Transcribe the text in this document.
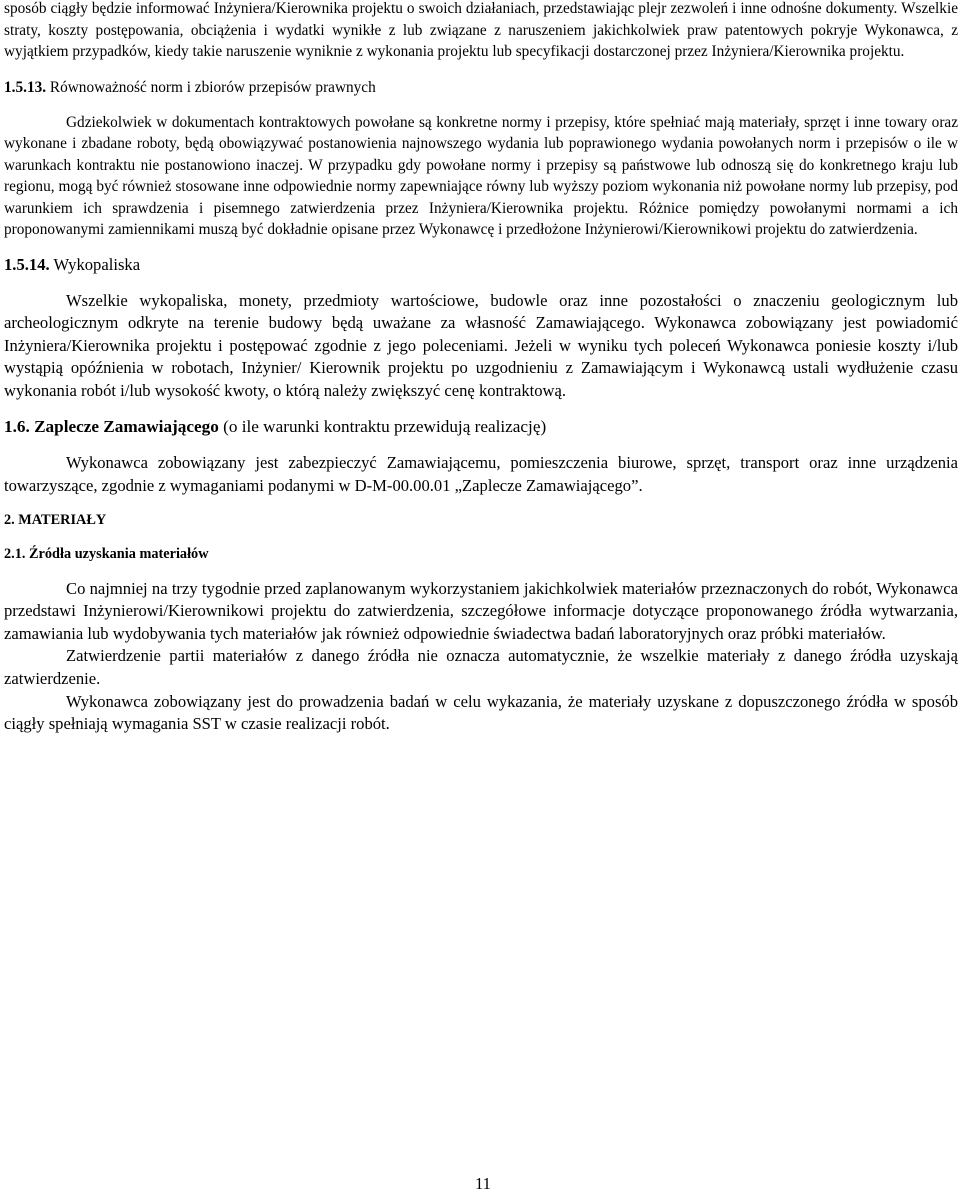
sposób ciągły będzie informować Inżyniera/Kierownika projektu o swoich działaniach, przedstawiając plejr zezwoleń i inne odnośne dokumenty. Wszelkie straty, koszty postępowania, obciążenia i wydatki wynikłe z lub związane z naruszeniem jakichkolwiek praw patentowych pokryje Wykonawca, z wyjątkiem przypadków, kiedy takie naruszenie wyniknie z wykonania projektu lub specyfikacji dostarczonej przez Inżyniera/Kierownika projektu.

1.5.13. Równoważność norm i zbiorów przepisów prawnych

Gdziekolwiek w dokumentach kontraktowych powołane są konkretne normy i przepisy, które spełniać mają materiały, sprzęt i inne towary oraz wykonane i zbadane roboty, będą obowiązywać postanowienia najnowszego wydania lub poprawionego wydania powołanych norm i przepisów o ile w warunkach kontraktu nie postanowiono inaczej. W przypadku gdy powołane normy i przepisy są państwowe lub odnoszą się do konkretnego kraju lub regionu, mogą być również stosowane inne odpowiednie normy zapewniające równy lub wyższy poziom wykonania niż powołane normy lub przepisy, pod warunkiem ich sprawdzenia i pisemnego zatwierdzenia przez Inżyniera/Kierownika projektu. Różnice pomiędzy powołanymi normami a ich proponowanymi zamiennikami muszą być dokładnie opisane przez Wykonawcę i przedłożone Inżynierowi/Kierownikowi projektu do zatwierdzenia.

1.5.14. Wykopaliska

Wszelkie wykopaliska, monety, przedmioty wartościowe, budowle oraz inne pozostałości o znaczeniu geologicznym lub archeologicznym odkryte na terenie budowy będą uważane za własność Zamawiającego. Wykonawca zobowiązany jest powiadomić Inżyniera/Kierownika projektu i postępować zgodnie z jego poleceniami. Jeżeli w wyniku tych poleceń Wykonawca poniesie koszty i/lub wystąpią opóźnienia w robotach, Inżynier/ Kierownik projektu po uzgodnieniu z Zamawiającym i Wykonawcą ustali wydłużenie czasu wykonania robót i/lub wysokość kwoty, o którą należy zwiększyć cenę kontraktową.

1.6. Zaplecze Zamawiającego (o ile warunki kontraktu przewidują realizację)

Wykonawca zobowiązany jest zabezpieczyć Zamawiającemu, pomieszczenia biurowe, sprzęt, transport oraz inne urządzenia towarzyszące, zgodnie z wymaganiami podanymi w D-M-00.00.01 „Zaplecze Zamawiającego”.

2. MATERIAŁY
2.1. Źródła uzyskania materiałów

Co najmniej na trzy tygodnie przed zaplanowanym wykorzystaniem jakichkolwiek materiałów przeznaczonych do robót, Wykonawca przedstawi Inżynierowi/Kierownikowi projektu do zatwierdzenia, szczegółowe informacje dotyczące proponowanego źródła wytwarzania, zamawiania lub wydobywania tych materiałów jak również odpowiednie świadectwa badań laboratoryjnych oraz próbki materiałów.

Zatwierdzenie partii materiałów z danego źródła nie oznacza automatycznie, że wszelkie materiały z danego źródła uzyskają zatwierdzenie.

Wykonawca zobowiązany jest do prowadzenia badań w celu wykazania, że materiały uzyskane z dopuszczonego źródła w sposób ciągły spełniają wymagania SST w czasie realizacji robót.

11
